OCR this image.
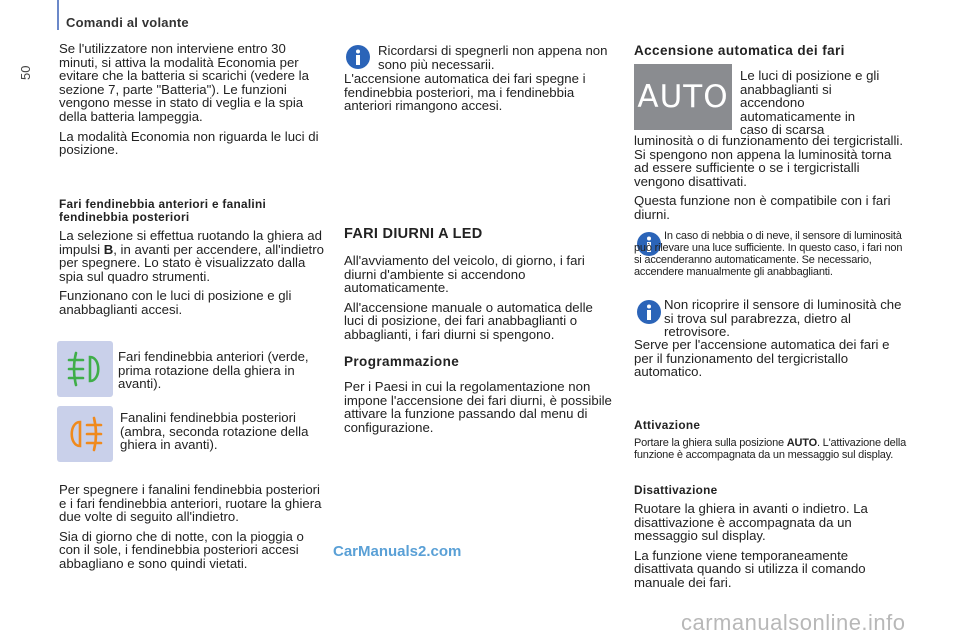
Comandi al volante
50

Se l'utilizzatore non interviene entro 30 minuti, si attiva la modalità Economia per evitare che la batteria si scarichi (vedere la sezione 7, parte "Batteria"). Le funzioni vengono messe in stato di veglia e la spia della batteria lampeggia.

La modalità Economia non riguarda le luci di posizione.

Fari fendinebbia anteriori e fanalini fendinebbia posteriori

La selezione si effettua ruotando la ghiera ad impulsi B, in avanti per accendere, all'indietro per spegnere. Lo stato è visualizzato dalla spia sul quadro strumenti.

Funzionano con le luci di posizione e gli anabbaglianti accesi.

Fari fendinebbia anteriori (verde, prima rotazione della ghiera in avanti).
Fanalini fendinebbia posteriori (ambra, seconda rotazione della ghiera in avanti).

Per spegnere i fanalini fendinebbia posteriori e i fari fendinebbia anteriori, ruotare la ghiera due volte di seguito all'indietro.

Sia di giorno che di notte, con la pioggia o con il sole, i fendinebbia posteriori accesi abbagliano e sono quindi vietati.

Ricordarsi di spegnerli non appena non sono più necessarii.
L'accensione automatica dei fari spegne i fendinebbia posteriori, ma i fendinebbia anteriori rimangono accesi.
FARI DIURNI A LED

All'avviamento del veicolo, di giorno, i fari diurni d'ambiente si accendono automaticamente.

All'accensione manuale o automatica delle luci di posizione, dei fari anabbaglianti o abbaglianti, i fari diurni si spengono.

Programmazione
Per i Paesi in cui la regolamentazione non impone l'accensione dei fari diurni, è possibile attivare la funzione passando dal menu di configurazione.
Accensione automatica dei fari
AUTO
Le luci di posizione e gli anabbaglianti si accendono automaticamente in caso di scarsa

luminosità o di funzionamento dei tergicristalli. Si spengono non appena la luminosità torna ad essere sufficiente o se i tergicristalli vengono disattivati.

Questa funzione non è compatibile con i fari diurni.

In caso di nebbia o di neve, il sensore di luminosità può rilevare una luce sufficiente. In questo caso, i fari non si accenderanno automaticamente. Se necessario, accendere manualmente gli anabbaglianti.
Non ricoprire il sensore di luminosità che si trova sul parabrezza, dietro al retrovisore.
Serve per l'accensione automatica dei fari e per il funzionamento del tergicristallo automatico.
Attivazione
Portare la ghiera sulla posizione AUTO. L'attivazione della funzione è accompagnata da un messaggio sul display.
Disattivazione

Ruotare la ghiera in avanti o indietro. La disattivazione è accompagnata da un messaggio sul display.

La funzione viene temporaneamente disattivata quando si utilizza il comando manuale dei fari.

CarManuals2.com
carmanualsonline.info
